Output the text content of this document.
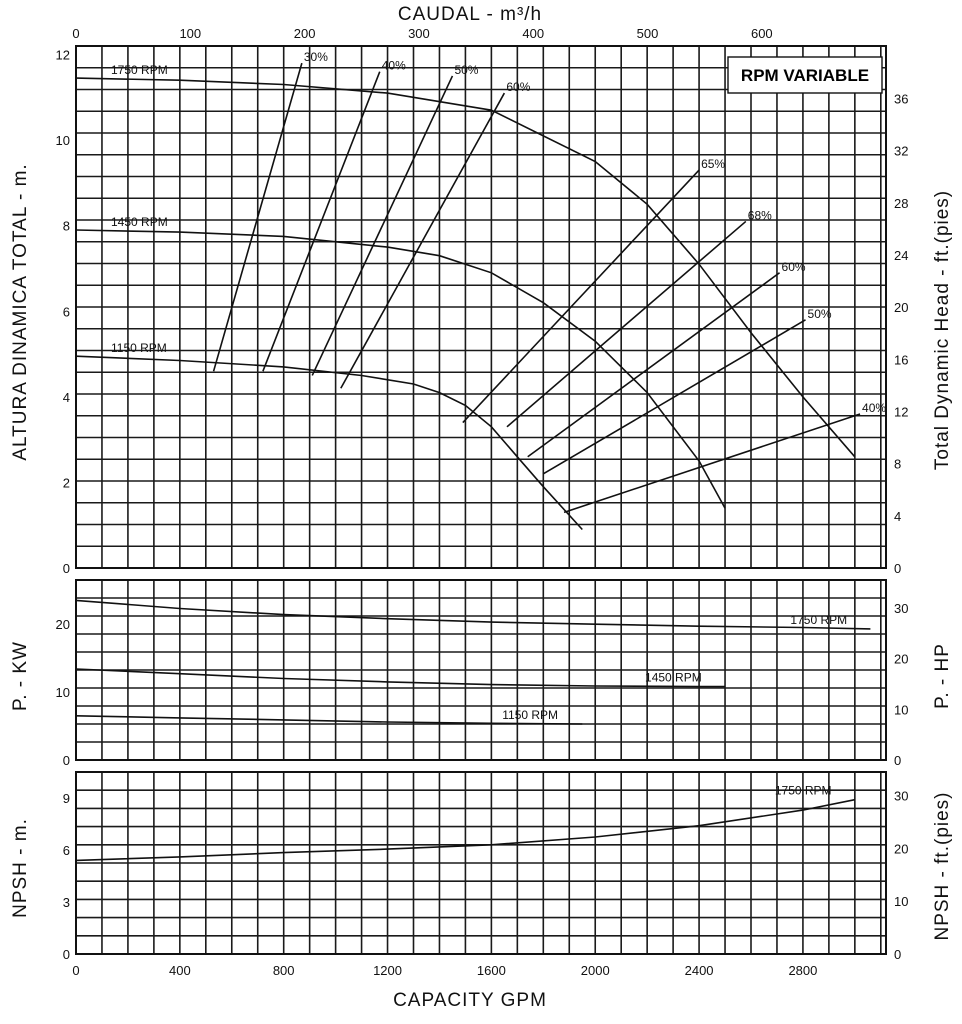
CAUDAL - m³/h
CAPACITY GPM
ALTURA DINAMICA TOTAL - m.	Total Dynamic Head - ft.(pies)
P. - KW	P. - HP
NPSH - m.	NPSH - ft.(pies)
0
2
4
6
8
10
12
0
4
8
12
16
20
24
28
32
36
1750 RPM
1450 RPM
1150 RPM
30%
40%	50%
60%
65%
68%
60%
50%
40%
0
10
20
0
10
20
30
1750 RPM
1450 RPM
1150 RPM
0
3
6
9
0
10
20
30
1750 RPM
0	400	800	1200	1600	2000	2400	2800
0	100	200	300	400	500	600
RPM VARIABLE
